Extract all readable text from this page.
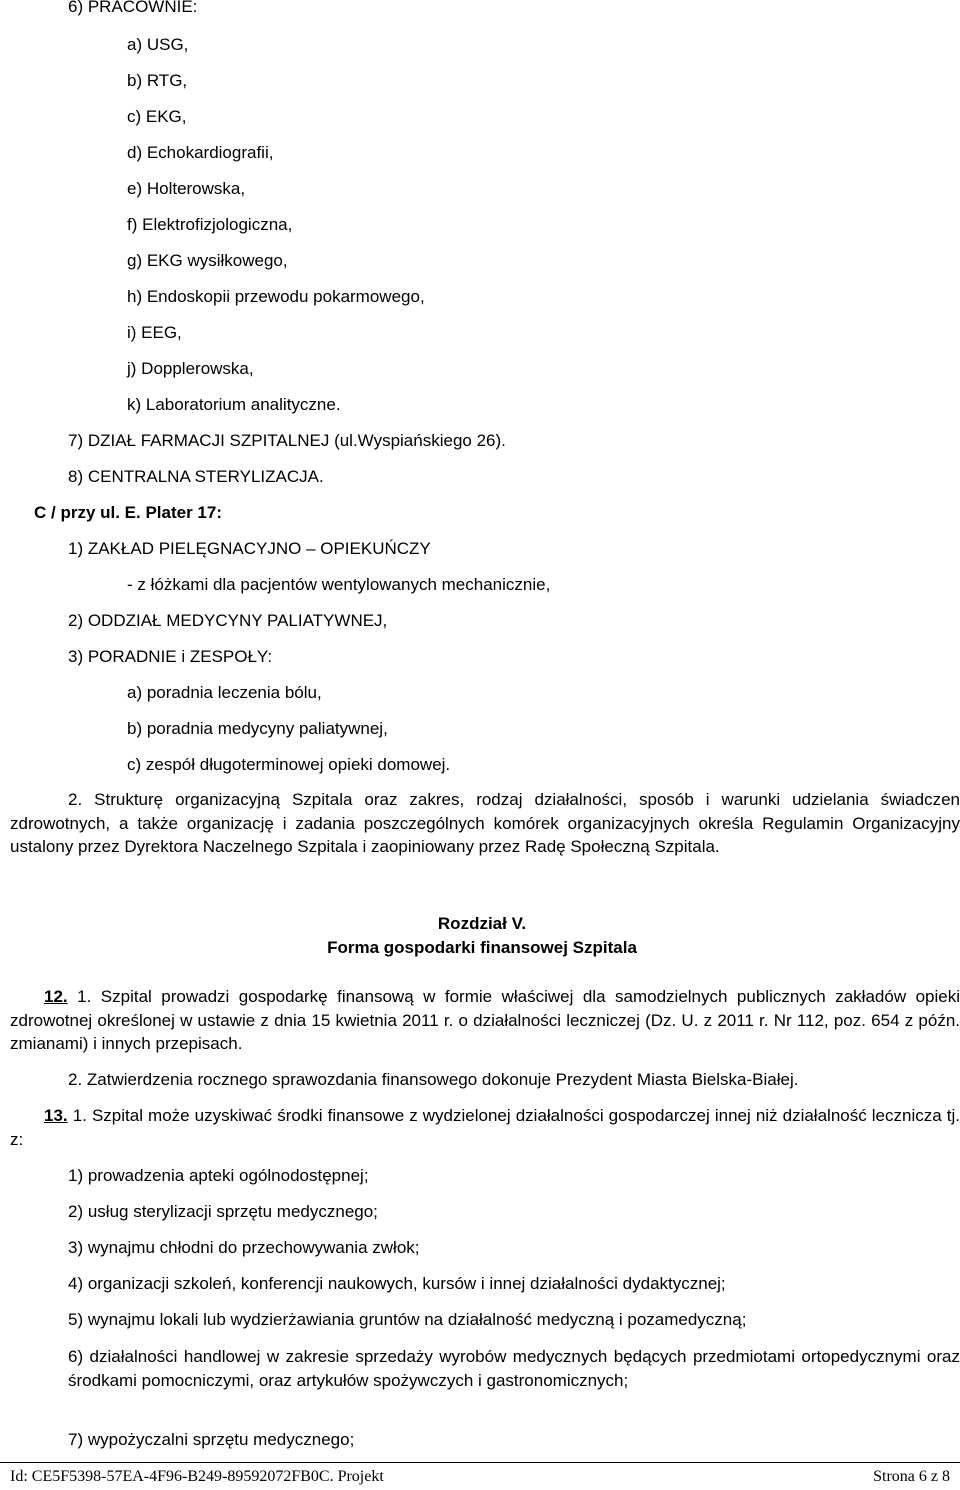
6) PRACOWNIE:
a) USG,
b) RTG,
c) EKG,
d) Echokardiografii,
e) Holterowska,
f) Elektrofizjologiczna,
g) EKG wysiłkowego,
h) Endoskopii przewodu pokarmowego,
i) EEG,
j) Dopplerowska,
k) Laboratorium analityczne.
7) DZIAŁ FARMACJI SZPITALNEJ (ul.Wyspiańskiego 26).
8) CENTRALNA STERYLIZACJA.
C / przy ul. E. Plater 17:
1) ZAKŁAD PIELĘGNACYJNO – OPIEKUŃCZY
- z łóżkami dla pacjentów wentylowanych mechanicznie,
2) ODDZIAŁ MEDYCYNY PALIATYWNEJ,
3) PORADNIE i ZESPOŁY:
a) poradnia leczenia bólu,
b) poradnia medycyny paliatywnej,
c) zespół długoterminowej opieki domowej.

2. Strukturę organizacyjną Szpitala oraz zakres, rodzaj działalności, sposób i warunki udzielania świadczen zdrowotnych, a także organizację i zadania poszczególnych komórek organizacyjnych określa Regulamin Organizacyjny ustalony przez Dyrektora Naczelnego Szpitala i zaopiniowany przez Radę Społeczną Szpitala.

Rozdział V.
Forma gospodarki finansowej Szpitala

12. 1. Szpital prowadzi gospodarkę finansową w formie właściwej dla samodzielnych publicznych zakładów opieki zdrowotnej określonej w ustawie z dnia 15 kwietnia 2011 r. o działalności leczniczej (Dz. U. z 2011 r. Nr 112, poz. 654 z późn. zmianami) i innych przepisach.

2. Zatwierdzenia rocznego sprawozdania finansowego dokonuje Prezydent Miasta Bielska-Białej.

13. 1. Szpital może uzyskiwać środki finansowe z wydzielonej działalności gospodarczej innej niż działalność lecznicza tj. z:

1) prowadzenia apteki ogólnodostępnej;
2) usług sterylizacji sprzętu medycznego;
3) wynajmu chłodni do przechowywania zwłok;
4) organizacji szkoleń, konferencji naukowych, kursów i innej działalności dydaktycznej;
5) wynajmu lokali lub wydzierżawiania gruntów na działalność medyczną i pozamedyczną;

6) działalności handlowej w zakresie sprzedaży wyrobów medycznych będących przedmiotami ortopedycznymi oraz środkami pomocniczymi, oraz artykułów spożywczych i gastronomicznych;

7) wypożyczalni sprzętu medycznego;
Id: CE5F5398-57EA-4F96-B249-89592072FB0C. Projekt	Strona 6 z 8
